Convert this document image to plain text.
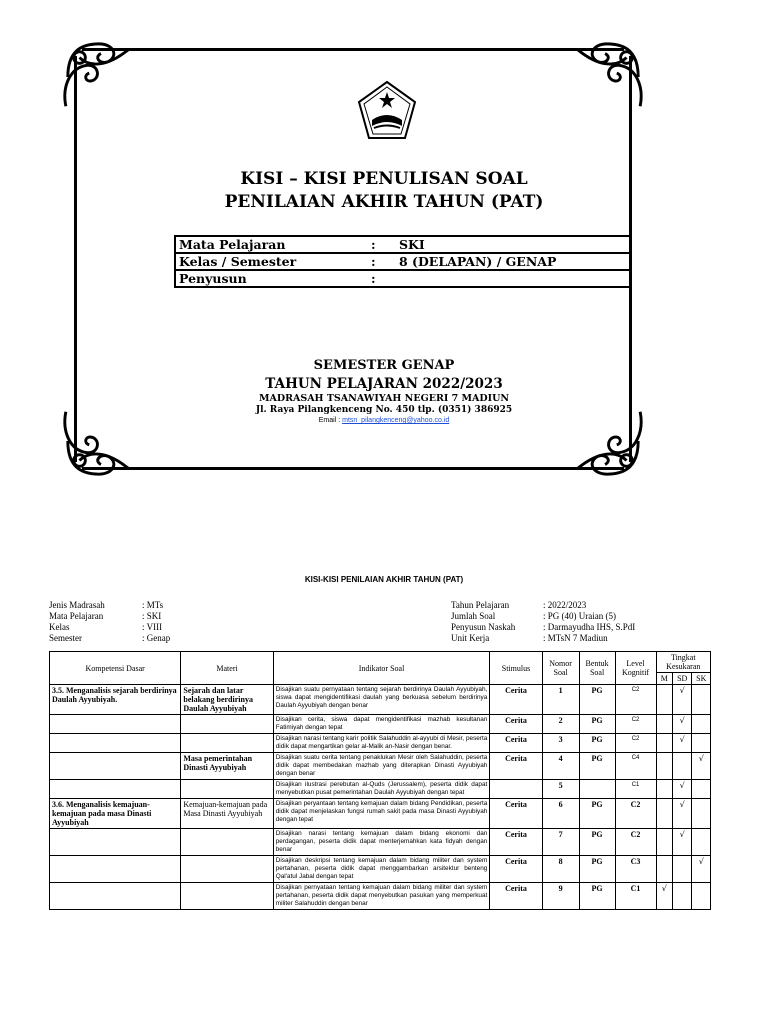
KISI – KISI PENULISAN SOAL
PENILAIAN AKHIR TAHUN (PAT)
Mata Pelajaran	:	SKI
Kelas / Semester	:	8 (DELAPAN) / GENAP
Penyusun	:	
SEMESTER GENAP
TAHUN PELAJARAN 2022/2023
MADRASAH TSANAWIYAH NEGERI 7 MADIUN
Jl. Raya Pilangkenceng No. 450 tlp. (0351) 386925
Email : mtsn_pilangkenceng@yahoo.co.id
KISI-KISI PENILAIAN AKHIR TAHUN (PAT)
Jenis Madrasah	: MTs
Mata Pelajaran	: SKI
Kelas	: VIII
Semester	: Genap
Tahun Pelajaran	: 2022/2023
Jumlah Soal	: PG (40) Uraian (5)
Penyusun Naskah	: Darmayudha IHS, S.PdI
Unit Kerja	: MTsN 7 Madiun
Kompetensi Dasar	Materi	Indikator Soal	Stimulus	Nomor Soal	Bentuk Soal	Level Kognitif	Tingkat Kesukaran		
							M	SD	SK
3.5. Menganalisis sejarah berdirinya Daulah Ayyubiyah.	Sejarah dan latar belakang berdirinya Daulah Ayyubiyah	Disajikan suatu pernyataan tentang sejarah berdirinya Daulah Ayyubiyah, siswa dapat mengidentifikasi daulah yang berkuasa sebelum berdirinya Daulah Ayyubiyah dengan benar	Cerita	1	PG	C2		√	
		Disajikan cerita, siswa dapat mengidentifikasi mazhab kesultanan Fatimiyah dengan tepat	Cerita	2	PG	C2		√	
		Disajikan narasi tentang karir politik Salahuddin al-ayyubi di Mesir, peserta didik dapat mengartikan gelar al-Malik an-Nasir dengan benar.	Cerita	3	PG	C2		√	
	Masa pemerintahan Dinasti Ayyubiyah	Disajikan suatu cerita tentang penaklukan Mesir oleh Salahuddin, peserta didik dapat membedakan mazhab yang diterapkan Dinasti Ayyubiyah dengan benar	Cerita	4	PG	C4			√
		Disajikan ilustrasi perebutan al-Quds (Jerussalem), peserta didik dapat menyebutkan pusat pemerintahan Daulah Ayyubiyah dengan tepat		5		C1		√	
3.6. Menganalisis kemajuan-kemajuan pada masa Dinasti Ayyubiyah	Kemajuan-kemajuan pada Masa Dinasti Ayyubiyah	Disajikan peryantaan tentang kemajuan dalam bidang Pendidikan, peserta didik dapat menjelaskan fungsi rumah sakit pada masa Dinasti Ayyubiyah dengan tepat	Cerita	6	PG	C2		√	
		Disajikan narasi tentang kemajuan dalam bidang ekonomi dan perdagangan, peserta didik dapat menterjemahkan kata fidyah dengan benar	Cerita	7	PG	C2		√	
		Disajikan deskripsi tentang kemajuan dalam bidang militer dan system pertahanan, peserta didik dapat menggambarkan arsitektur benteng Qal'atul Jabal dengan tepat	Cerita	8	PG	C3			√
		Disajikan pernyataan tentang kemajuan dalam bidang militer dan system pertahanan, peserta didik dapat menyebutkan pasukan yang memperkuat militer Salahuddin dengan benar	Cerita	9	PG	C1	√		
